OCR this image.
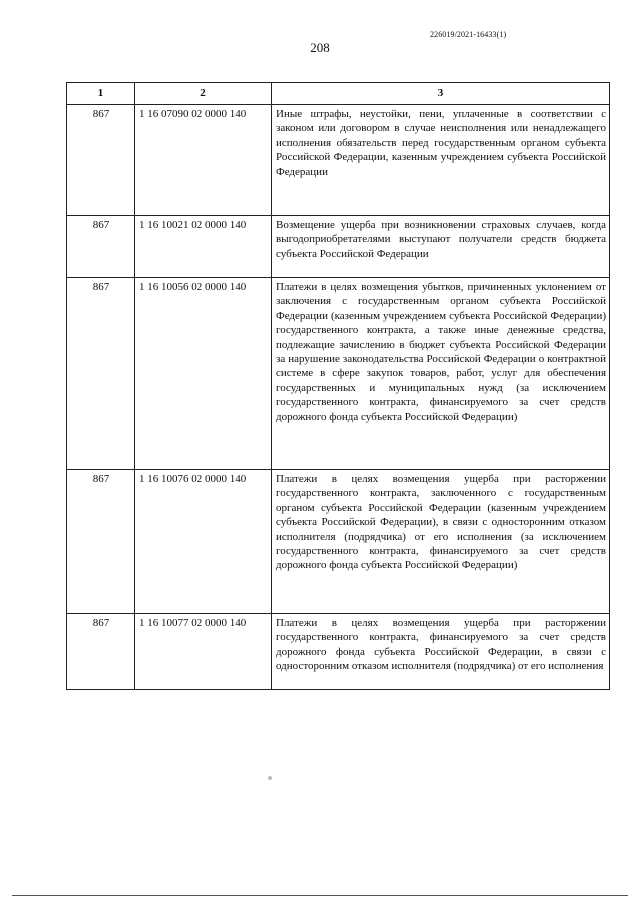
226019/2021-16433(1)
208
1	2	3
867	1 16 07090 02 0000 140	Иные штрафы, неустойки, пени, уплаченные в соответствии с законом или договором в случае неисполнения или ненадлежащего исполнения обязательств перед государственным органом субъекта Российской Федерации, казенным учреждением субъекта Российской Федерации
867	1 16 10021 02 0000 140	Возмещение ущерба при возникновении страховых случаев, когда выгодоприобретателями выступают получатели средств бюджета субъекта Российской Федерации
867	1 16 10056 02 0000 140	Платежи в целях возмещения убытков, причиненных уклонением от заключения с государственным органом субъекта Российской Федерации (казенным учреждением субъекта Российской Федерации) государственного контракта, а также иные денежные средства, подлежащие зачислению в бюджет субъекта Российской Федерации за нарушение законодательства Российской Федерации о контрактной системе в сфере закупок товаров, работ, услуг для обеспечения государственных и муниципальных нужд (за исключением государственного контракта, финансируемого за счет средств дорожного фонда субъекта Российской Федерации)
867	1 16 10076 02 0000 140	Платежи в целях возмещения ущерба при расторжении государственного контракта, заключенного с государственным органом субъекта Российской Федерации (казенным учреждением субъекта Российской Федерации), в связи с односторонним отказом исполнителя (подрядчика) от его исполнения (за исключением государственного контракта, финансируемого за счет средств дорожного фонда субъекта Российской Федерации)
867	1 16 10077 02 0000 140	Платежи в целях возмещения ущерба при расторжении государственного контракта, финансируемого за счет средств дорожного фонда субъекта Российской Федерации, в связи с односторонним отказом исполнителя (подрядчика) от его исполнения
